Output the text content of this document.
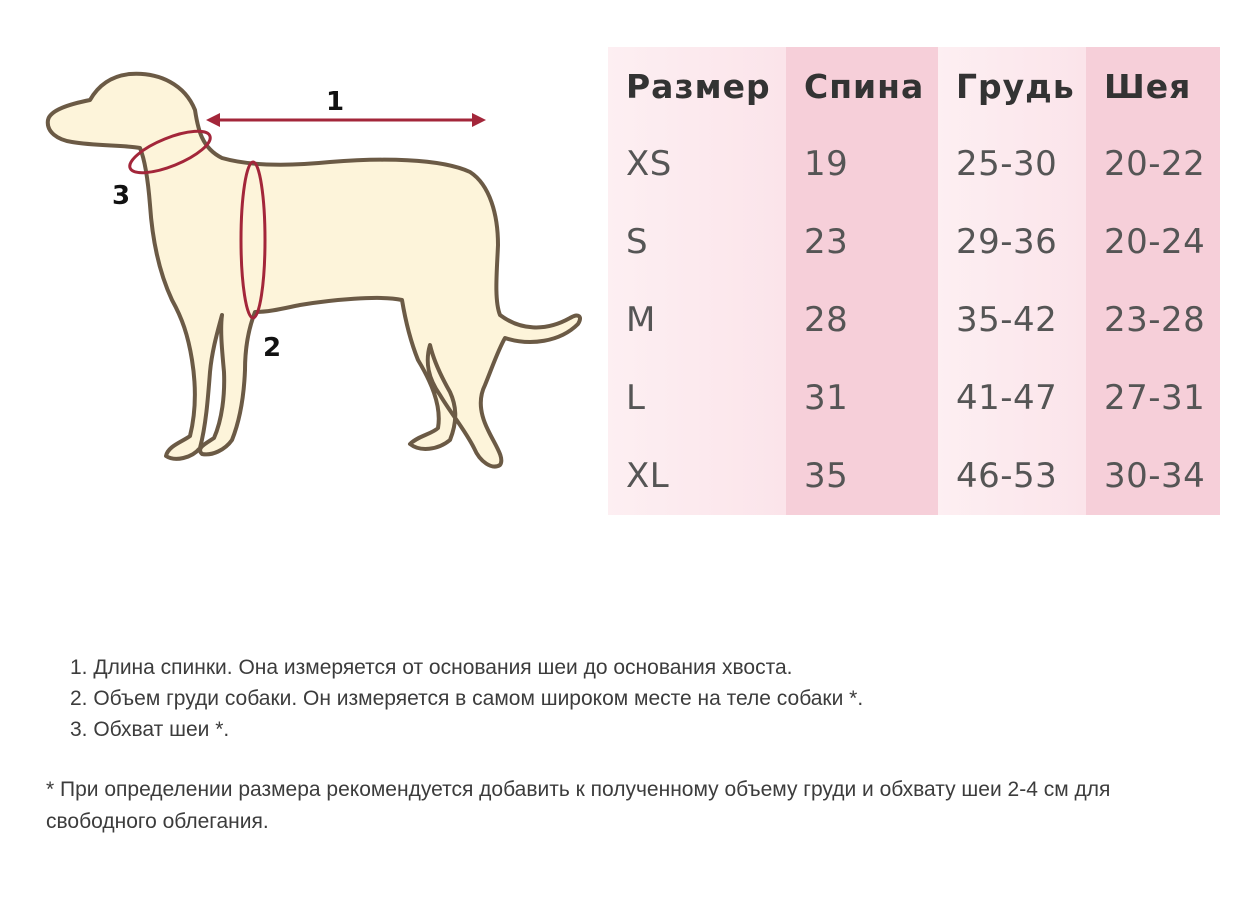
1
2
3
Размер	Спина Грудь Шея
XS	19	25-30	20-22
S	23	29-36	20-24
M	28	35-42	23-28
L	31	41-47	27-31
XL	35	46-53	30-34

1. Длина спинки. Она измеряется от основания шеи до основания хвоста.

2. Объем груди собаки. Он измеряется в самом широком месте на теле собаки *.

3. Обхват шеи *.

* При определении размера рекомендуется добавить к полученному объему груди и обхвату шеи 2-4 см для свободного облегания.
